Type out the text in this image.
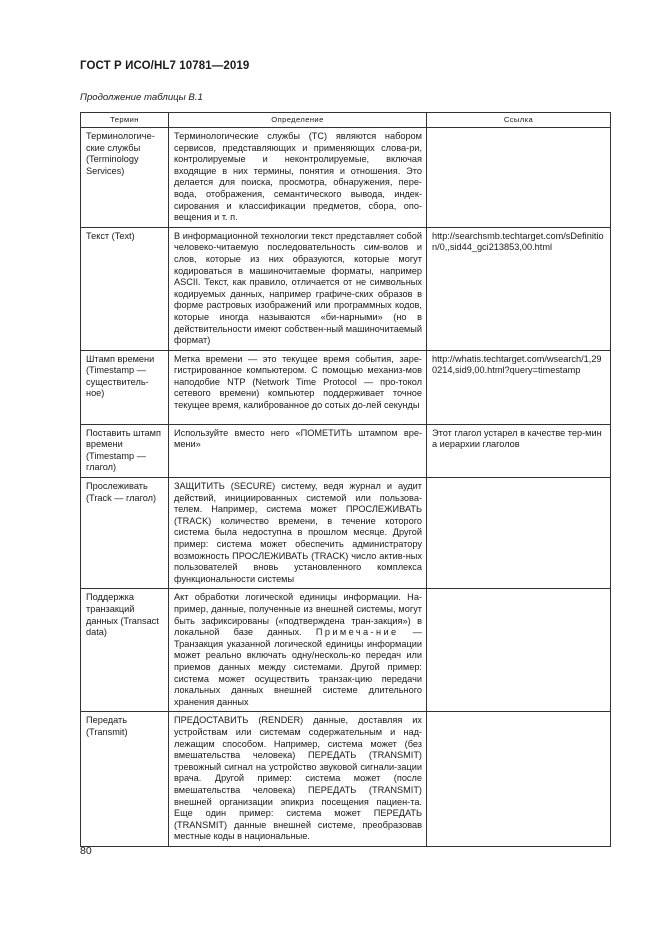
ГОСТ Р ИСО/HL7 10781—2019
Продолжение таблицы В.1
Термин	Определение	Ссылка
Терминологиче-ские службы (Terminology Services)	Терминологические службы (ТС) являются набором сервисов, представляющих и применяющих слова-ри, контролируемые и неконтролируемые, включая входящие в них термины, понятия и отношения. Это делается для поиска, просмотра, обнаружения, пере-вода, отображения, семантического вывода, индек-сирования и классификации предметов, сбора, опо-вещения и т. п.	
Текст (Text)	В информационной технологии текст представляет собой человеко-читаемую последовательность сим-волов и слов, которые из них образуются, которые могут кодироваться в машиночитаемые форматы, например ASCII. Текст, как правило, отличается от не символьных кодируемых данных, например графиче-ских образов в форме растровых изображений или программных кодов, которые иногда называются «би-нарными» (но в действительности имеют собствен-ный машиночитаемый формат)	http://searchsmb.techtarget.com/sDefinition/0,,sid44_gci213853,00.html
Штамп времени (Timestamp — существитель-ное)	Метка времени — это текущее время события, заре-гистрированное компьютером. С помощью механиз-мов наподобие NTP (Network Time Protocol — про-токол сетевого времени) компьютер поддерживает точное текущее время, калиброванное до сотых до-лей секунды	http://whatis.techtarget.com/wsearch/1,290214,sid9,00.html?query=timestamp
Поставить штамп времени (Timestamp — глагол)	Используйте вместо него «ПОМЕТИТЬ штампом вре-мени»	Этот глагол устарел в качестве тер-мина иерархии глаголов
Прослеживать (Track — глагол)	ЗАЩИТИТЬ (SECURE) систему, ведя журнал и аудит действий, инициированных системой или пользова-телем. Например, система может ПРОСЛЕЖИВАТЬ (TRACK) количество времени, в течение которого система была недоступна в прошлом месяце. Другой пример: система может обеспечить администратору возможность ПРОСЛЕЖИВАТЬ (TRACK) число актив-ных пользователей вновь установленного комплекса функциональности системы	
Поддержка транзакций данных (Transact data)	Акт обработки логической единицы информации. На-пример, данные, полученные из внешней системы, могут быть зафиксированы («подтверждена тран-закция») в локальной базе данных. Примеча-ние — Транзакция указанной логической единицы информации может реально включать одну/несколь-ко передач или приемов данных между системами. Другой пример: система может осуществить транзак-цию передачи локальных данных внешней системе длительного хранения данных	
Передать (Transmit)	ПРЕДОСТАВИТЬ (RENDER) данные, доставляя их устройствам или системам содержательным и над-лежащим способом. Например, система может (без вмешательства человека) ПЕРЕДАТЬ (TRANSMIT) тревожный сигнал на устройство звуковой сигнали-зации врача. Другой пример: система может (после вмешательства человека) ПЕРЕДАТЬ (TRANSMIT) внешней организации эпикриз посещения пациен-та. Еще один пример: система может ПЕРЕДАТЬ (TRANSMIT) данные внешней системе, преобразовав местные коды в национальные.	
80
